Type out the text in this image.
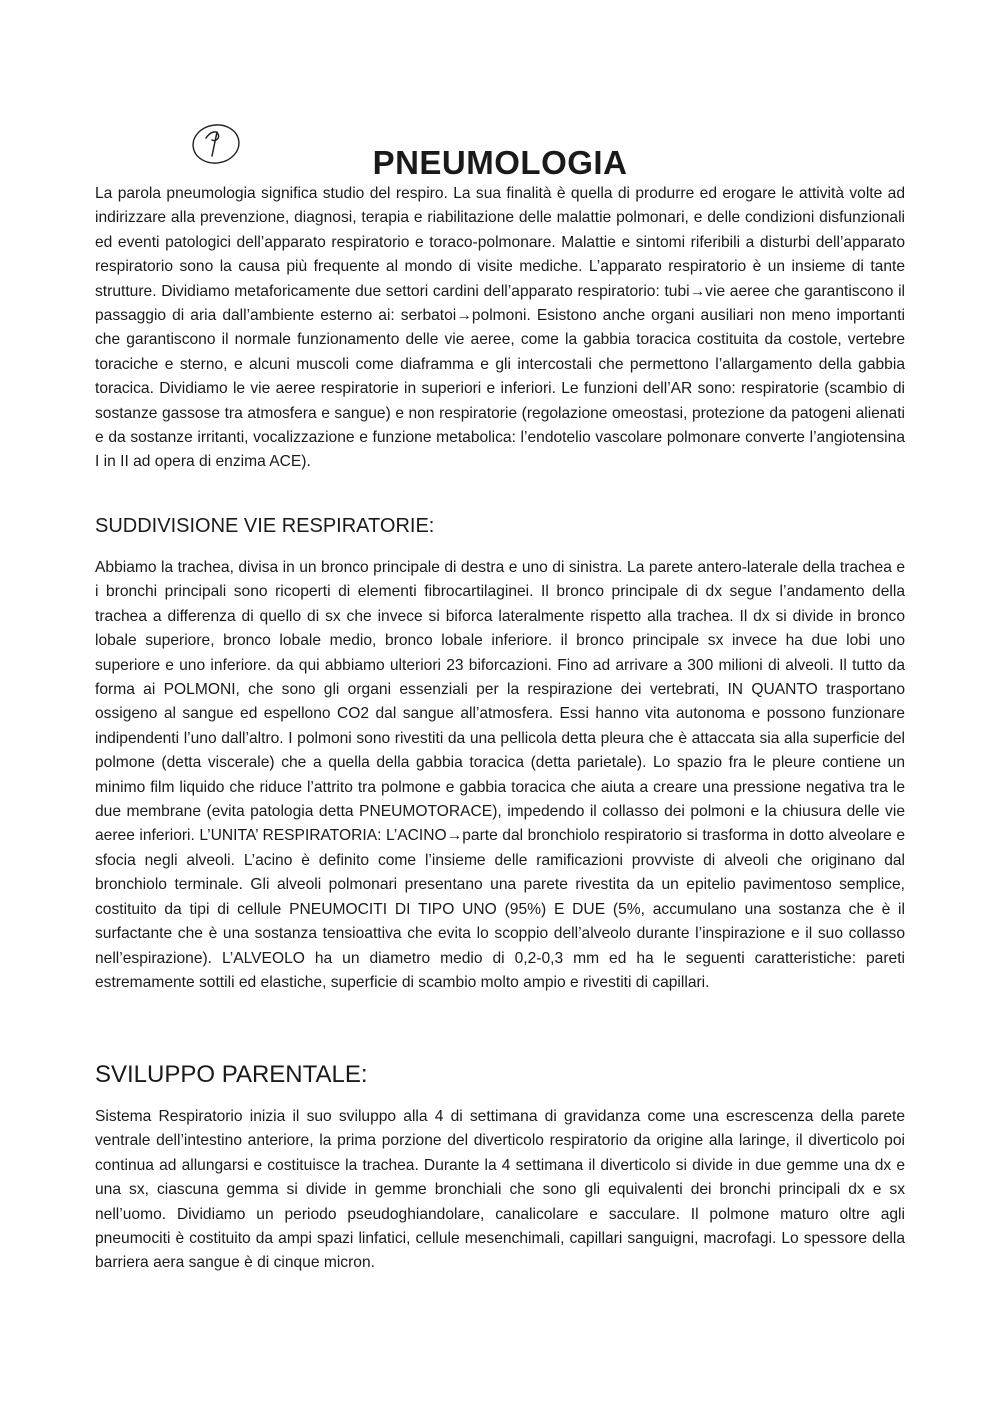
PNEUMOLOGIA

La parola pneumologia significa studio del respiro. La sua finalità è quella di produrre ed erogare le attività volte ad indirizzare alla prevenzione, diagnosi, terapia e riabilitazione delle malattie polmonari, e delle condizioni disfunzionali ed eventi patologici dell’apparato respiratorio e toraco-polmonare. Malattie e sintomi riferibili a disturbi dell’apparato respiratorio sono la causa più frequente al mondo di visite mediche. L’apparato respiratorio è un insieme di tante strutture. Dividiamo metaforicamente due settori cardini dell’apparato respiratorio: tubi→vie aeree che garantiscono il passaggio di aria dall’ambiente esterno ai: serbatoi→polmoni. Esistono anche organi ausiliari non meno importanti che garantiscono il normale funzionamento delle vie aeree, come la gabbia toracica costituita da costole, vertebre toraciche e sterno, e alcuni muscoli come diaframma e gli intercostali che permettono l’allargamento della gabbia toracica. Dividiamo le vie aeree respiratorie in superiori e inferiori. Le funzioni dell’AR sono: respiratorie (scambio di sostanze gassose tra atmosfera e sangue) e non respiratorie (regolazione omeostasi, protezione da patogeni alienati e da sostanze irritanti, vocalizzazione e funzione metabolica: l’endotelio vascolare polmonare converte l’angiotensina I in II ad opera di enzima ACE).

SUDDIVISIONE VIE RESPIRATORIE:

Abbiamo la trachea, divisa in un bronco principale di destra e uno di sinistra. La parete antero-laterale della trachea e i bronchi principali sono ricoperti di elementi fibrocartilaginei. Il bronco principale di dx segue l’andamento della trachea a differenza di quello di sx che invece si biforca lateralmente rispetto alla trachea. Il dx si divide in bronco lobale superiore, bronco lobale medio, bronco lobale inferiore. il bronco principale sx invece ha due lobi uno superiore e uno inferiore. da qui abbiamo ulteriori 23 biforcazioni. Fino ad arrivare a 300 milioni di alveoli. Il tutto da forma ai POLMONI, che sono gli organi essenziali per la respirazione dei vertebrati, IN QUANTO trasportano ossigeno al sangue ed espellono CO2 dal sangue all’atmosfera. Essi hanno vita autonoma e possono funzionare indipendenti l’uno dall’altro. I polmoni sono rivestiti da una pellicola detta pleura che è attaccata sia alla superficie del polmone (detta viscerale) che a quella della gabbia toracica (detta parietale). Lo spazio fra le pleure contiene un minimo film liquido che riduce l’attrito tra polmone e gabbia toracica che aiuta a creare una pressione negativa tra le due membrane (evita patologia detta PNEUMOTORACE), impedendo il collasso dei polmoni e la chiusura delle vie aeree inferiori. L’UNITA’ RESPIRATORIA: L’ACINO→parte dal bronchiolo respiratorio si trasforma in dotto alveolare e sfocia negli alveoli. L’acino è definito come l’insieme delle ramificazioni provviste di alveoli che originano dal bronchiolo terminale. Gli alveoli polmonari presentano una parete rivestita da un epitelio pavimentoso semplice, costituito da tipi di cellule PNEUMOCITI DI TIPO UNO (95%) E DUE (5%, accumulano una sostanza che è il surfactante che è una sostanza tensioattiva che evita lo scoppio dell’alveolo durante l’inspirazione e il suo collasso nell’espirazione). L’ALVEOLO ha un diametro medio di 0,2-0,3 mm ed ha le seguenti caratteristiche: pareti estremamente sottili ed elastiche, superficie di scambio molto ampio e rivestiti di capillari.

SVILUPPO PARENTALE:

Sistema Respiratorio inizia il suo sviluppo alla 4 di settimana di gravidanza come una escrescenza della parete ventrale dell’intestino anteriore, la prima porzione del diverticolo respiratorio da origine alla laringe, il diverticolo poi continua ad allungarsi e costituisce la trachea. Durante la 4 settimana il diverticolo si divide in due gemme una dx e una sx, ciascuna gemma si divide in gemme bronchiali che sono gli equivalenti dei bronchi principali dx e sx nell’uomo. Dividiamo un periodo pseudoghiandolare, canalicolare e sacculare. Il polmone maturo oltre agli pneumociti è costituito da ampi spazi linfatici, cellule mesenchimali, capillari sanguigni, macrofagi. Lo spessore della barriera aera sangue è di cinque micron.
